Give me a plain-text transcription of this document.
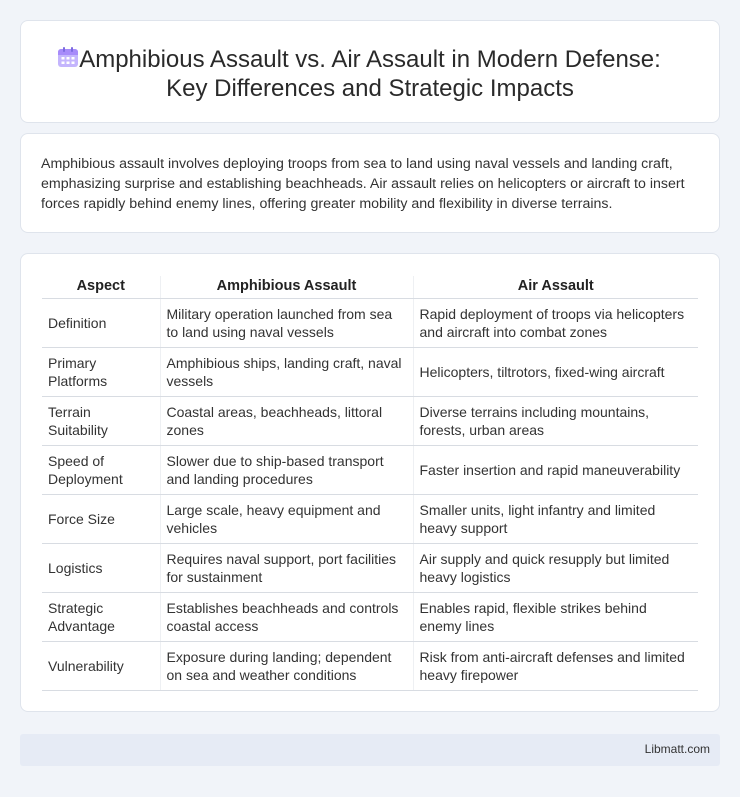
Amphibious Assault vs. Air Assault in Modern Defense:
Key Differences and Strategic Impacts

Amphibious assault involves deploying troops from sea to land using naval vessels and landing craft, emphasizing surprise and establishing beachheads. Air assault relies on helicopters or aircraft to insert forces rapidly behind enemy lines, offering greater mobility and flexibility in diverse terrains.

Aspect	Amphibious Assault	Air Assault
Definition	Military operation launched from sea to land using naval vessels	Rapid deployment of troops via helicopters and aircraft into combat zones
Primary Platforms	Amphibious ships, landing craft, naval vessels	Helicopters, tiltrotors, fixed-wing aircraft
Terrain Suitability	Coastal areas, beachheads, littoral zones	Diverse terrains including mountains, forests, urban areas
Speed of Deployment	Slower due to ship-based transport and landing procedures	Faster insertion and rapid maneuverability
Force Size	Large scale, heavy equipment and vehicles	Smaller units, light infantry and limited heavy support
Logistics	Requires naval support, port facilities for sustainment	Air supply and quick resupply but limited heavy logistics
Strategic Advantage	Establishes beachheads and controls coastal access	Enables rapid, flexible strikes behind enemy lines
Vulnerability	Exposure during landing; dependent on sea and weather conditions	Risk from anti-aircraft defenses and limited heavy firepower
Libmatt.com
